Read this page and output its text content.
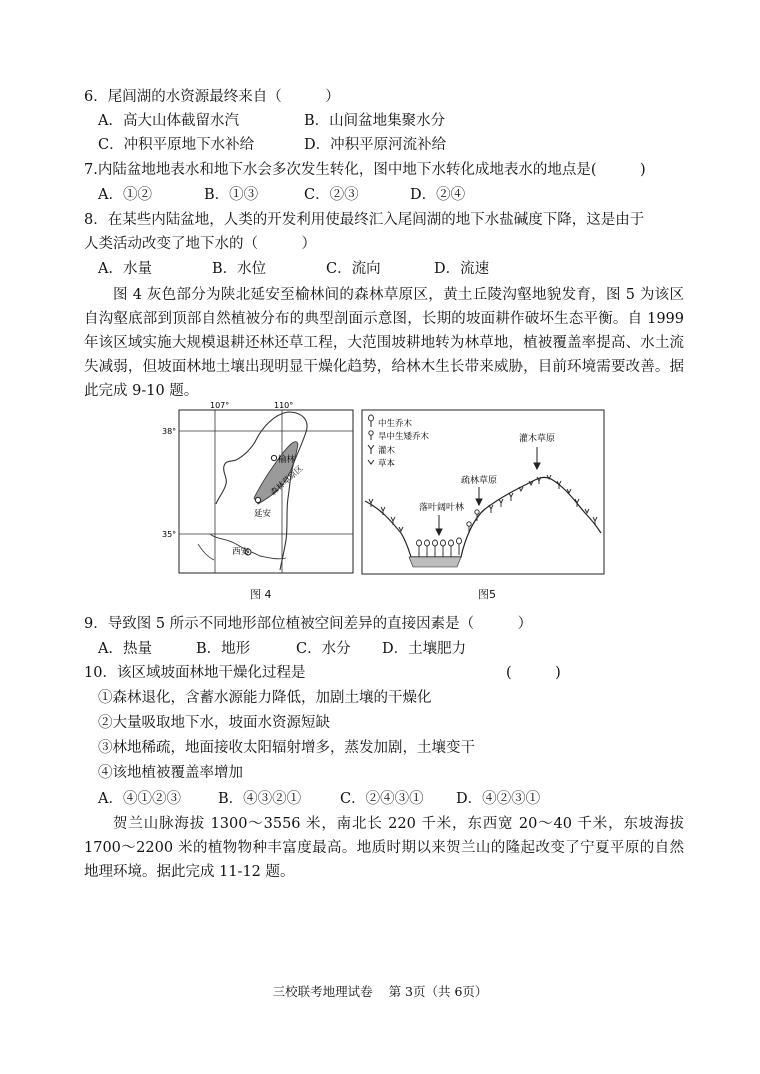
6．尾闾湖的水资源最终来自（　　　）
A．高大山体截留水汽	B．山间盆地集聚水分
C．冲积平原地下水补给	D．冲积平原河流补给
7.内陆盆地地表水和地下水会多次发生转化，图中地下水转化成地表水的地点是(　　　)
A．①②	B．①③	C．②③	D．②④
8．在某些内陆盆地，人类的开发利用使最终汇入尾闾湖的地下水盐碱度下降，这是由于
人类活动改变了地下水的（　　　）
A．水量	B．水位	C．流向	D．流速
图 4 灰色部分为陕北延安至榆林间的森林草原区，黄土丘陵沟壑地貌发育，图 5 为该区自沟壑底部到顶部自然植被分布的典型剖面示意图，长期的坡面耕作破坏生态平衡。自 1999 年该区域实施大规模退耕还林还草工程，大范围坡耕地转为林草地，植被覆盖率提高、水土流失减弱，但坡面林地土壤出现明显干燥化趋势，给林木生长带来威胁，目前环境需要改善。据此完成 9-10 题。
107°	110°
38°
35°
榆林
延安
西安
森林草原区
图 4
中生乔木
旱中生矮乔木
灌木
草本
落叶阔叶林
疏林草原
灌木草原
图5
9．导致图 5 所示不同地形部位植被空间差异的直接因素是（　　　）
A．热量	B．地形	C．水分 D．土壤肥力
10．该区域坡面林地干燥化过程是	(　　　)
①森林退化，含蓄水源能力降低，加剧土壤的干燥化
②大量吸取地下水，坡面水资源短缺
③林地稀疏，地面接收太阳辐射增多，蒸发加剧，土壤变干
④该地植被覆盖率增加
A．④①②③	B．④③②①	C．②④③① D．④②③①
贺兰山脉海拔 1300～3556 米，南北长 220 千米，东西宽 20～40 千米，东坡海拔 1700～2200 米的植物物种丰富度最高。地质时期以来贺兰山的隆起改变了宁夏平原的自然地理环境。据此完成 11-12 题。
三校联考地理试卷 第 3页（共 6页）
